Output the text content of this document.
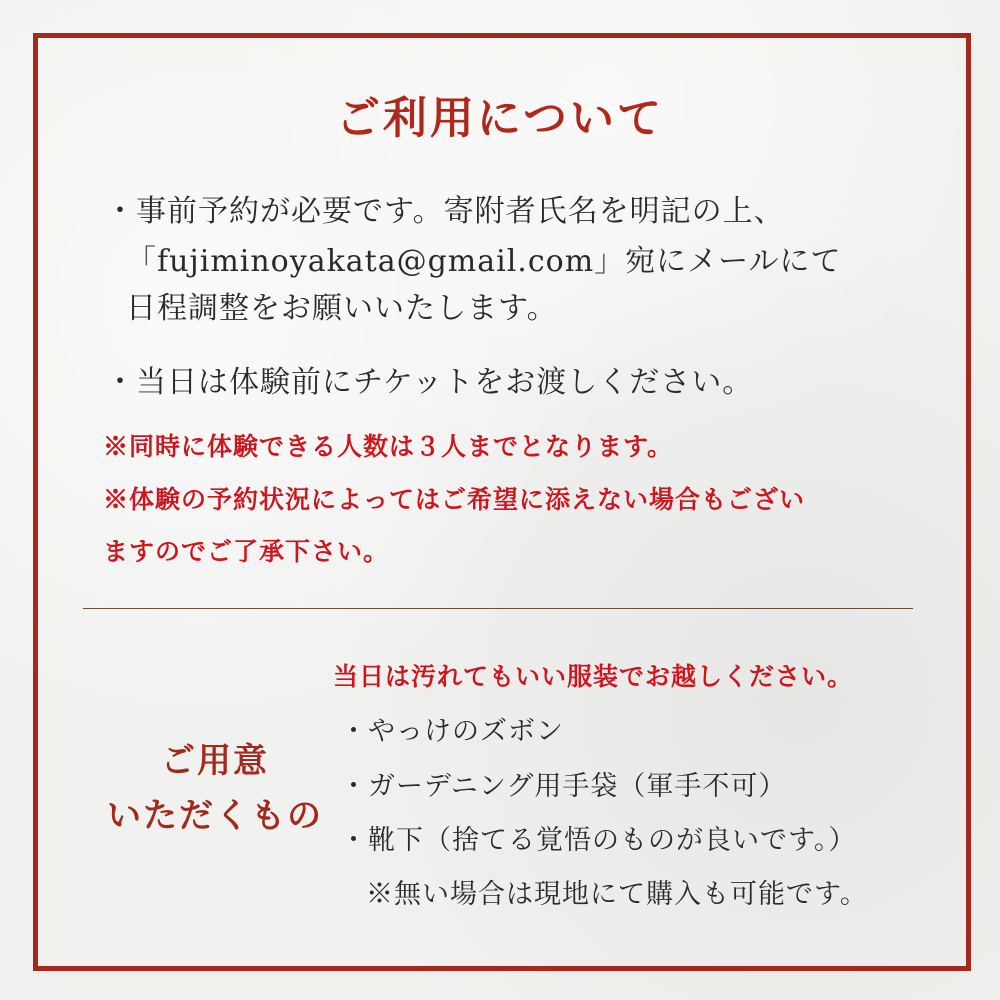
ご利用について

・事前予約が必要です。寄附者氏名を明記の上、

「fujiminoyakata@gmail.com」宛にメールにて

日程調整をお願いいたします。

・当日は体験前にチケットをお渡しください。

※同時に体験できる人数は３人までとなります。

※体験の予約状況によってはご希望に添えない場合もござい

ますのでご了承下さい。

当日は汚れてもいい服装でお越しください。

ご用意
いただくもの

・やっけのズボン

・ガーデニング用手袋（軍手不可）

・靴下（捨てる覚悟のものが良いです。）

※無い場合は現地にて購入も可能です。
